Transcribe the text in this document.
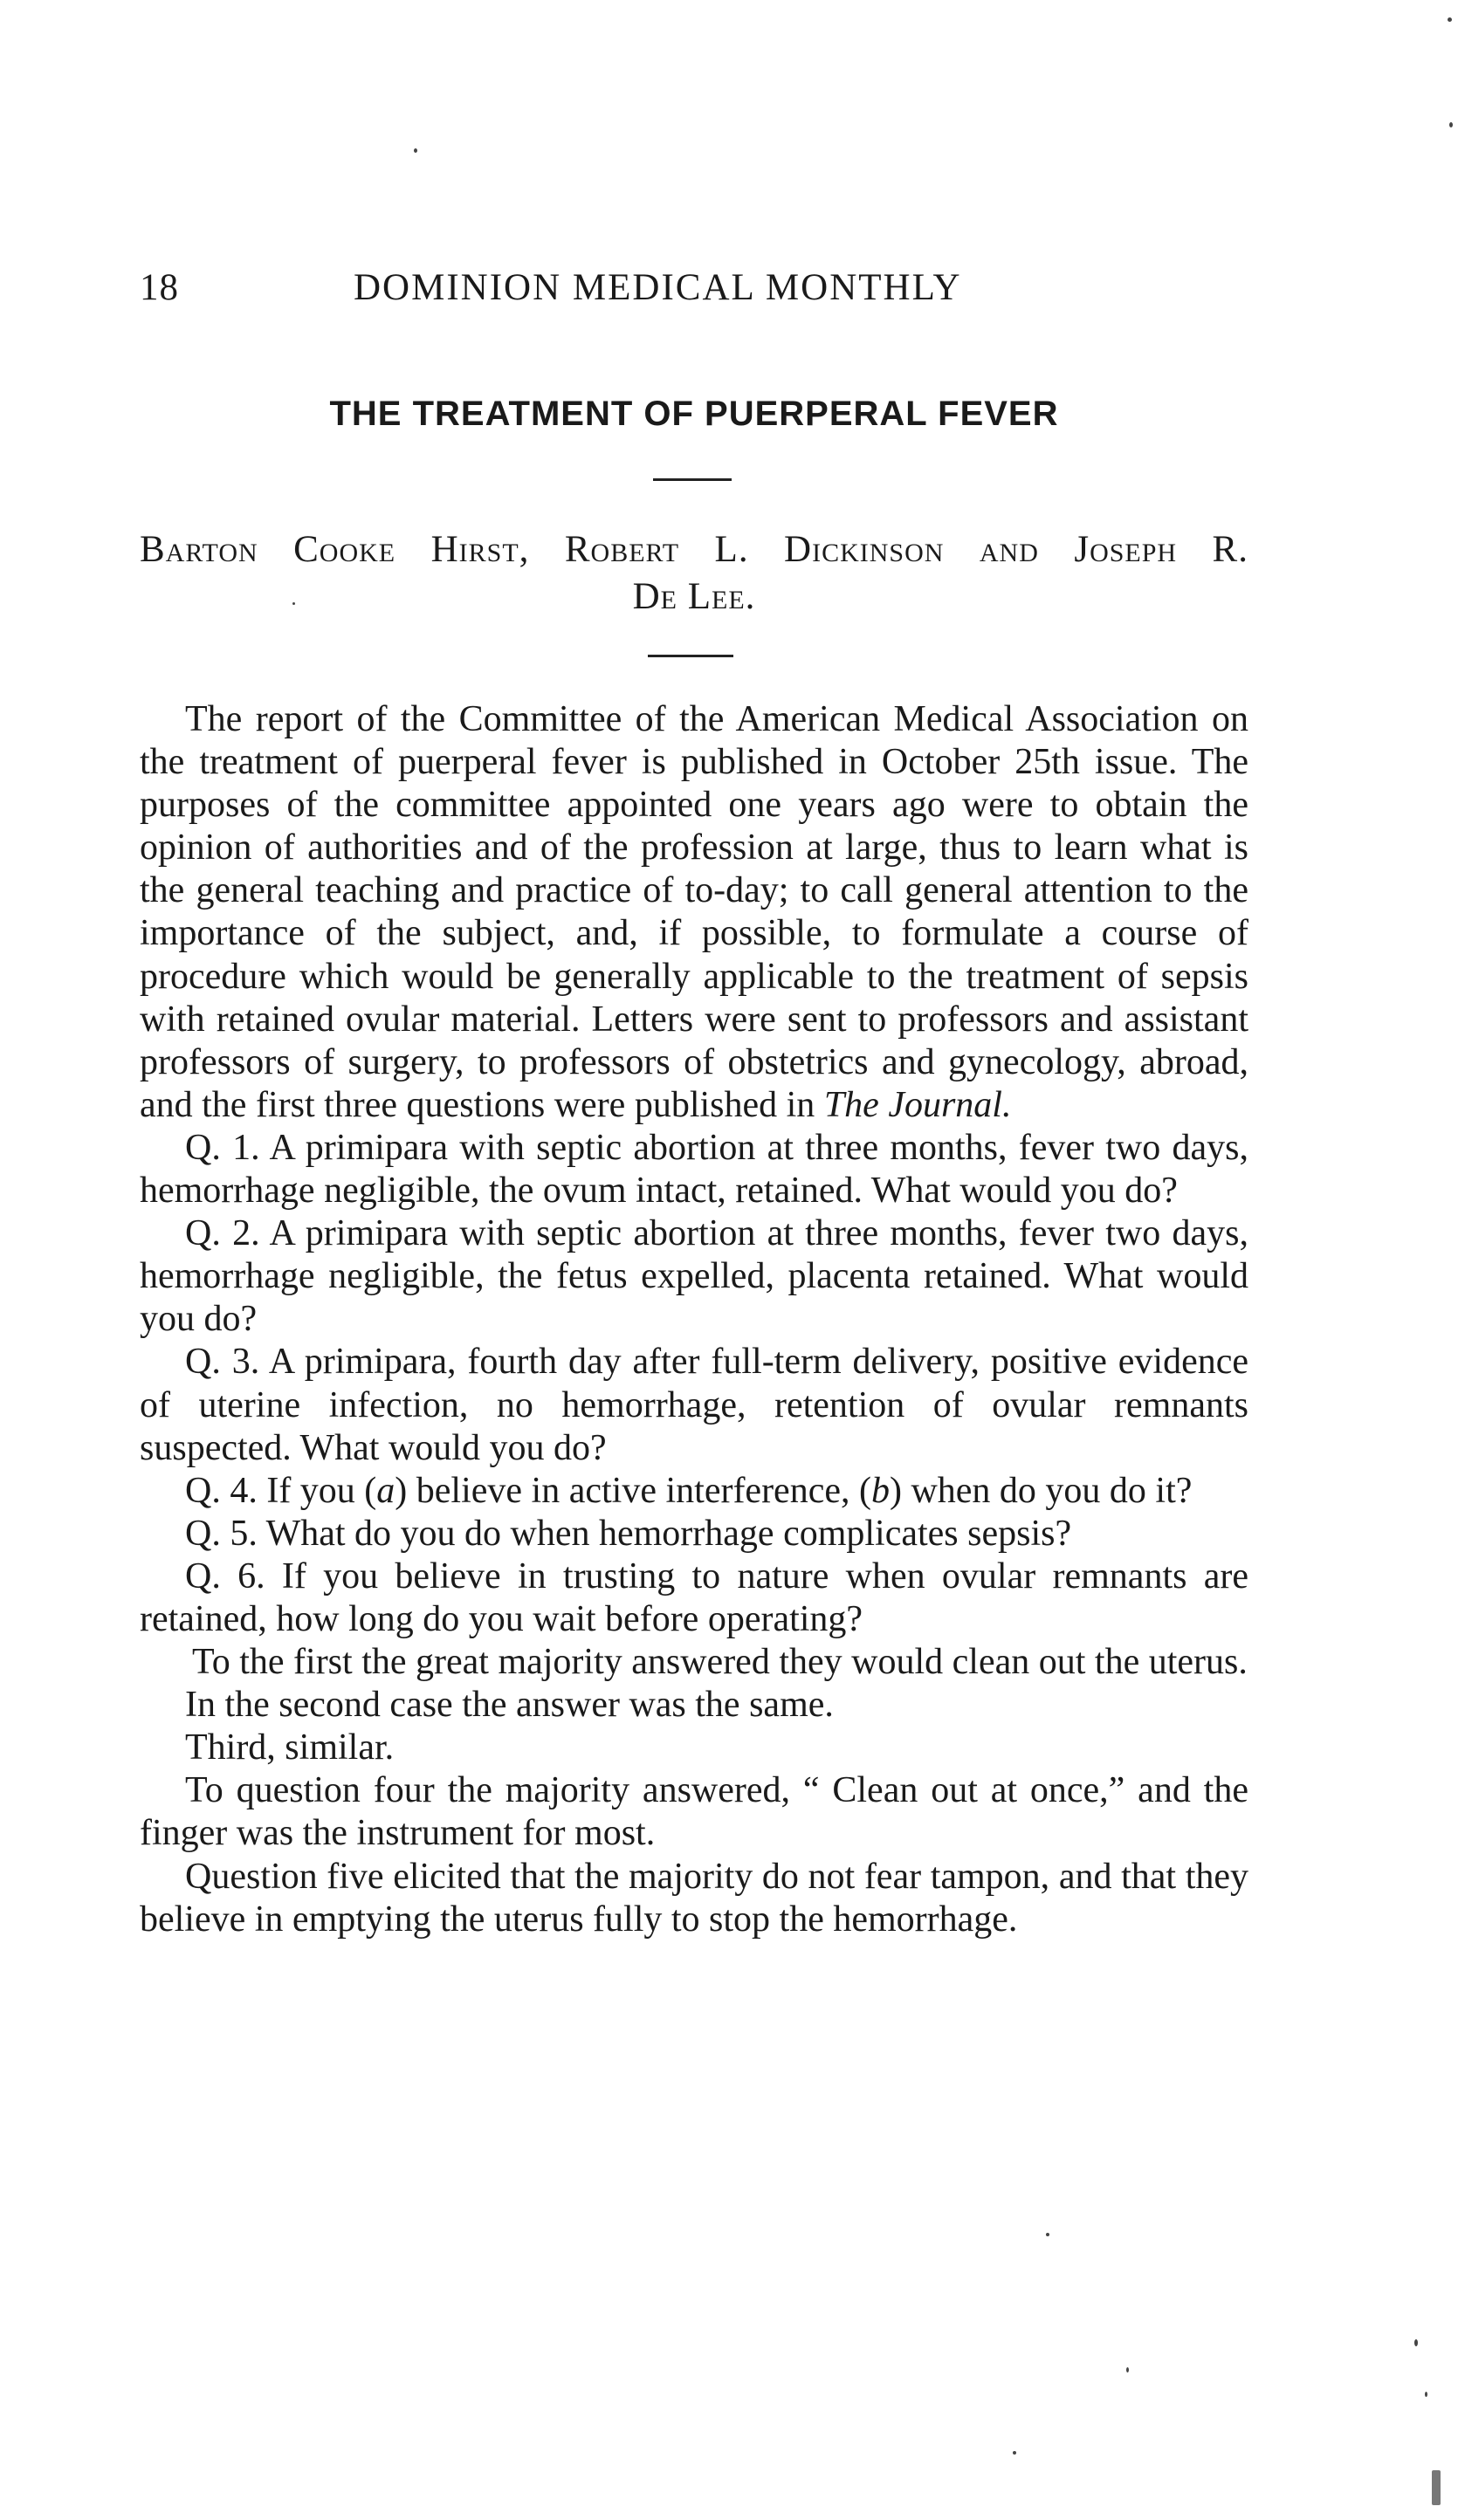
18	DOMINION MEDICAL MONTHLY
THE TREATMENT OF PUERPERAL FEVER
Barton Cooke Hirst, Robert L. Dickinson and Joseph R.
De Lee.

The report of the Committee of the American Medical Association on the treatment of puerperal fever is published in October 25th issue. The purposes of the committee appointed one years ago were to obtain the opinion of authorities and of the profession at large, thus to learn what is the general teaching and practice of to-day; to call general attention to the importance of the subject, and, if possible, to formulate a course of procedure which would be generally applicable to the treatment of sepsis with retained ovular material. Letters were sent to professors and assistant professors of surgery, to professors of obstetrics and gynecology, abroad, and the first three questions were published in The Journal.

Q. 1. A primipara with septic abortion at three months, fever two days, hemorrhage negligible, the ovum intact, retained. What would you do?

Q. 2. A primipara with septic abortion at three months, fever two days, hemorrhage negligible, the fetus expelled, placenta retained. What would you do?

Q. 3. A primipara, fourth day after full-term delivery, positive evidence of uterine infection, no hemorrhage, retention of ovular remnants suspected. What would you do?

Q. 4. If you (a) believe in active interference, (b) when do you do it?

Q. 5. What do you do when hemorrhage complicates sepsis?

Q. 6. If you believe in trusting to nature when ovular remnants are retained, how long do you wait before operating?

To the first the great majority answered they would clean out the uterus.

In the second case the answer was the same.

Third, similar.

To question four the majority answered, “ Clean out at once,” and the finger was the instrument for most.

Question five elicited that the majority do not fear tampon, and that they believe in emptying the uterus fully to stop the hemorrhage.
